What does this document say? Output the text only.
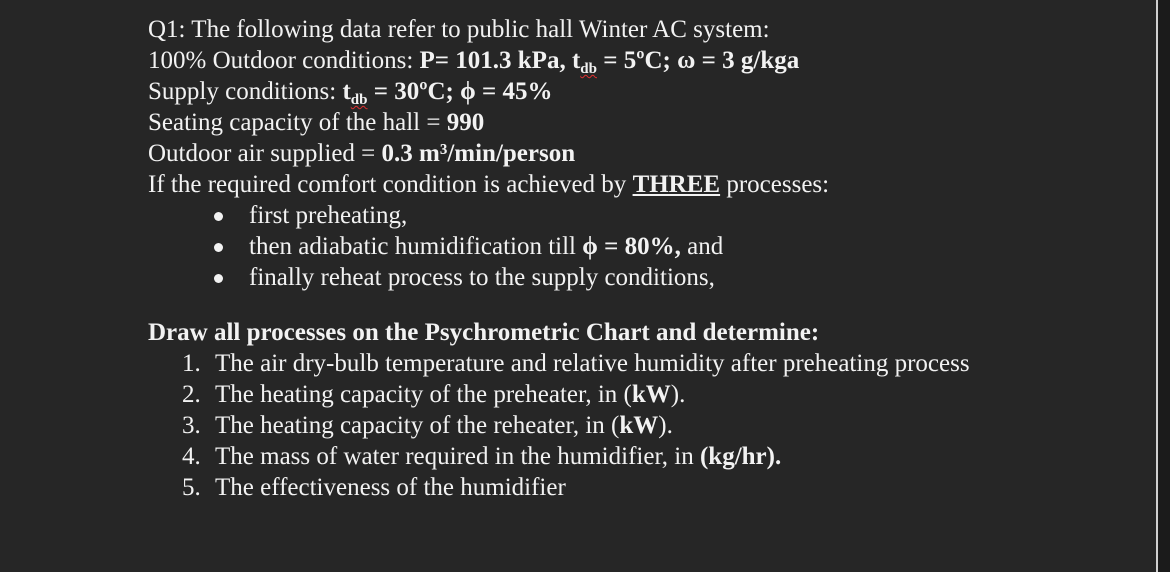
Q1: The following data refer to public hall Winter AC system:
100% Outdoor conditions: P= 101.3 kPa, $t_{db}$ = 5ºC; ω = 3 g/kga
Supply conditions: $t_{db}$ = 30ºC; ϕ = 45%
Seating capacity of the hall = 990
Outdoor air supplied = 0.3 m³/min/person
If the required comfort condition is achieved by THREE processes:
first preheating,
then adiabatic humidification till ϕ = 80%, and
finally reheat process to the supply conditions,
Draw all processes on the Psychrometric Chart and determine:
1. The air dry-bulb temperature and relative humidity after preheating process
2. The heating capacity of the preheater, in (kW).
3. The heating capacity of the reheater, in (kW).
4. The mass of water required in the humidifier, in (kg/hr).
5. The effectiveness of the humidifier
